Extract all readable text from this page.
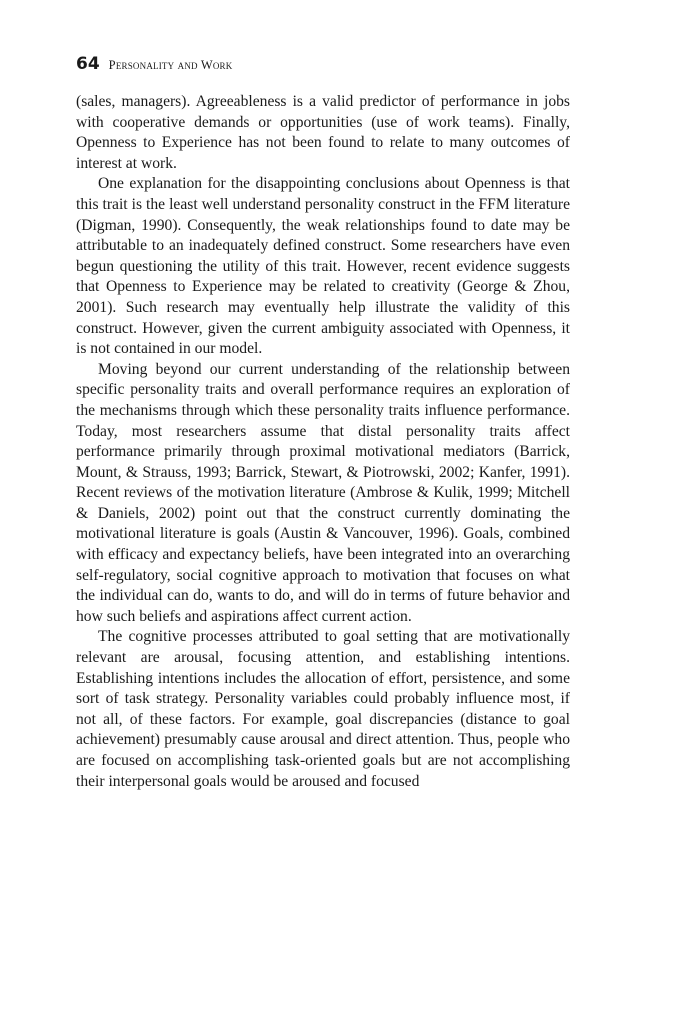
64 Personality and Work

(sales, managers). Agreeableness is a valid predictor of performance in jobs with cooperative demands or opportunities (use of work teams). Finally, Openness to Experience has not been found to relate to many outcomes of interest at work.

One explanation for the disappointing conclusions about Openness is that this trait is the least well understand personality construct in the FFM literature (Digman, 1990). Consequently, the weak relationships found to date may be attributable to an inadequately defined construct. Some researchers have even begun questioning the utility of this trait. However, recent evidence suggests that Openness to Experience may be related to creativity (George & Zhou, 2001). Such research may eventually help illustrate the validity of this construct. However, given the current ambiguity associated with Openness, it is not contained in our model.

Moving beyond our current understanding of the relationship between specific personality traits and overall performance requires an exploration of the mechanisms through which these personality traits influence performance. Today, most researchers assume that distal personality traits affect performance primarily through proximal motivational mediators (Barrick, Mount, & Strauss, 1993; Barrick, Stewart, & Piotrowski, 2002; Kanfer, 1991). Recent reviews of the motivation literature (Ambrose & Kulik, 1999; Mitchell & Daniels, 2002) point out that the construct currently dominating the motivational literature is goals (Austin & Vancouver, 1996). Goals, combined with efficacy and expectancy beliefs, have been integrated into an overarching self-regulatory, social cognitive approach to motivation that focuses on what the individual can do, wants to do, and will do in terms of future behavior and how such beliefs and aspirations affect current action.

The cognitive processes attributed to goal setting that are motivationally relevant are arousal, focusing attention, and establishing intentions. Establishing intentions includes the allocation of effort, persistence, and some sort of task strategy. Personality variables could probably influence most, if not all, of these factors. For example, goal discrepancies (distance to goal achievement) presumably cause arousal and direct attention. Thus, people who are focused on accomplishing task-oriented goals but are not accomplishing their interpersonal goals would be aroused and focused
